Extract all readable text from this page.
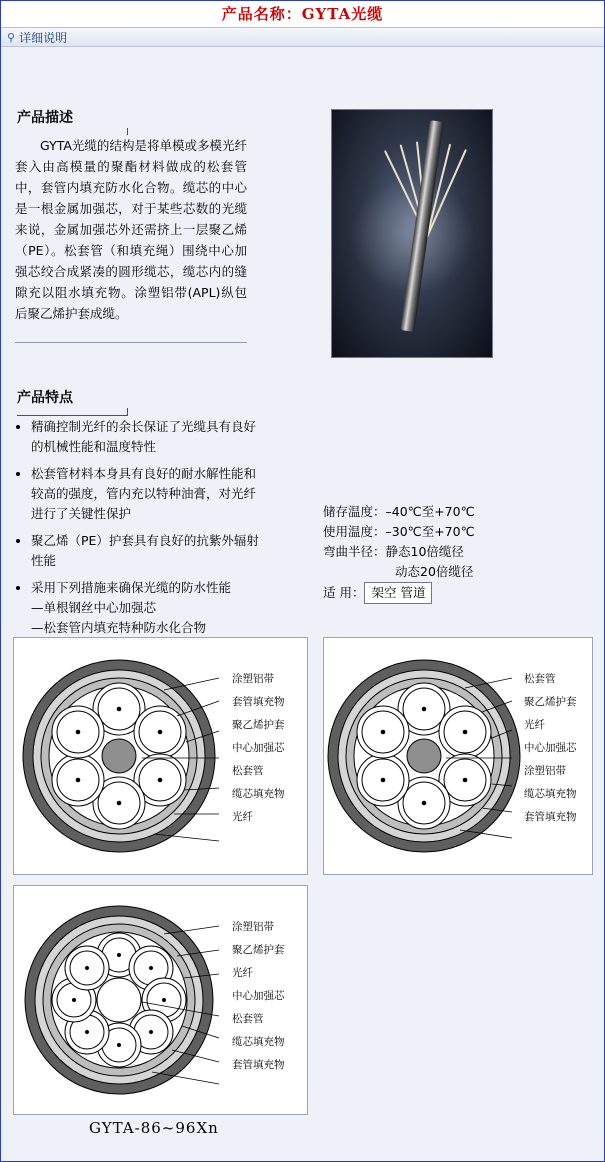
产品名称：GYTA光缆
⚲ 详细说明
产品描述

GYTA光缆的结构是将单模或多模光纤套入由高模量的聚酯材料做成的松套管中，套管内填充防水化合物。缆芯的中心是一根金属加强芯，对于某些芯数的光缆来说，金属加强芯外还需挤上一层聚乙烯（PE）。松套管（和填充绳）围绕中心加强芯绞合成紧凑的圆形缆芯，缆芯内的缝隙充以阻水填充物。涂塑铝带(APL)纵包后聚乙烯护套成缆。

产品特点
• 精确控制光纤的余长保证了光缆具有良好的机械性能和温度特性
• 松套管材料本身具有良好的耐水解性能和较高的强度，管内充以特种油膏，对光纤进行了关键性保护
• 聚乙烯（PE）护套具有良好的抗紫外辐射性能
• 采用下列措施来确保光缆的防水性能
—单根钢丝中心加强芯
—松套管内填充特种防水化合物
储存温度：–40℃至+70℃
使用温度：–30℃至+70℃
弯曲半径：静态10倍缆径
动态20倍缆径
适 用： 架空 管道
涂塑铝带
套管填充物
聚乙烯护套
中心加强芯
松套管
缆芯填充物
光纤
松套管
聚乙烯护套
光纤
中心加强芯
涂塑铝带
缆芯填充物
套管填充物
涂塑铝带
聚乙烯护套
光纤
中心加强芯
松套管
缆芯填充物
套管填充物
GYTA-86~96Xn
